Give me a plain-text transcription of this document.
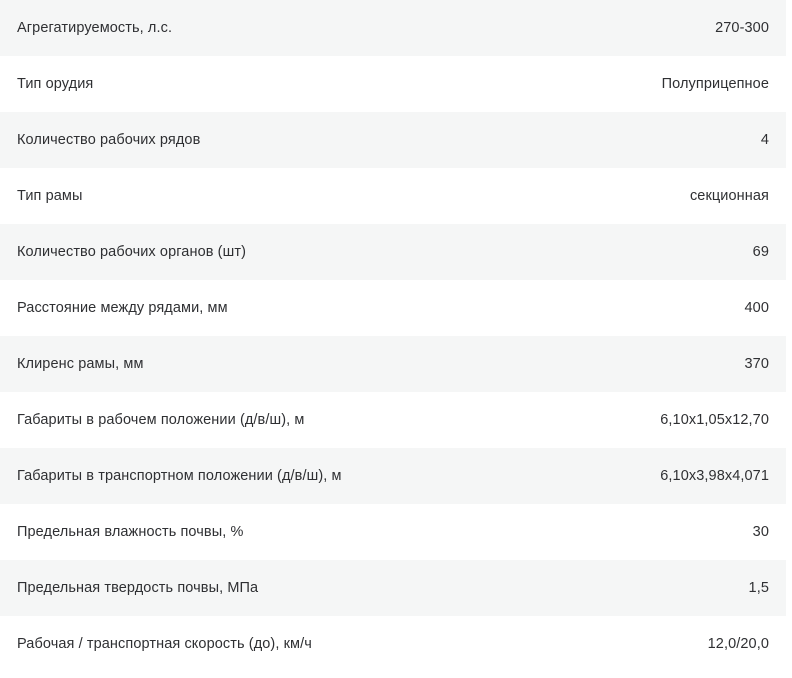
Агрегатируемость, л.с.	270-300
Тип орудия	Полуприцепное
Количество рабочих рядов	4
Тип рамы	секционная
Количество рабочих органов (шт)	69
Расстояние между рядами, мм	400
Клиренс рамы, мм	370
Габариты в рабочем положении (д/в/ш), м	6,10х1,05х12,70
Габариты в транспортном положении (д/в/ш), м	6,10х3,98х4,071
Предельная влажность почвы, %	30
Предельная твердость почвы, МПа	1,5
Рабочая / транспортная скорость (до), км/ч	12,0/20,0
